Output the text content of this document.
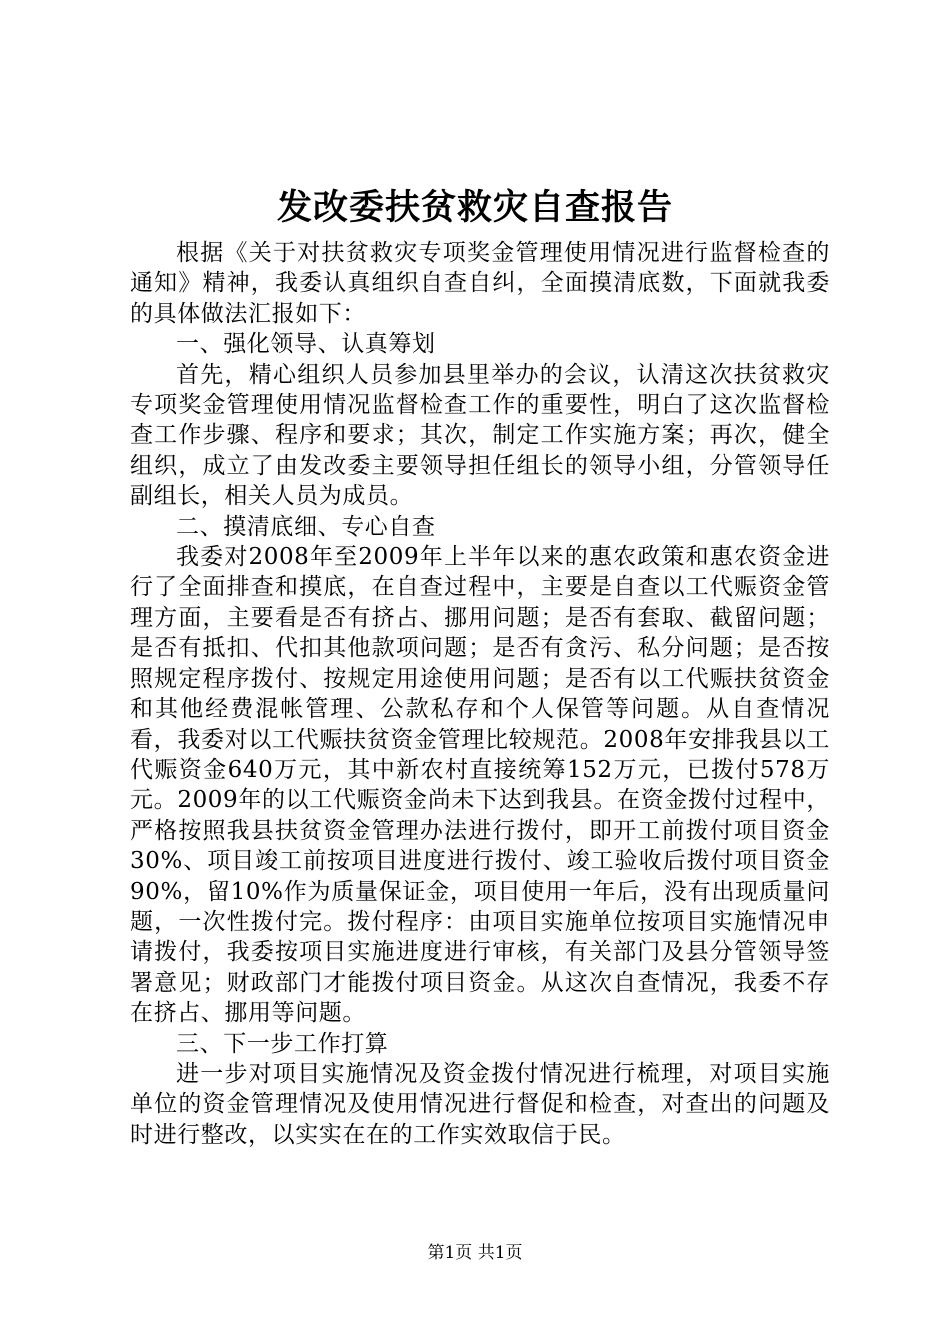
发改委扶贫救灾自查报告

根据《关于对扶贫救灾专项奖金管理使用情况进行监督检查的通知》精神，我委认真组织自查自纠，全面摸清底数，下面就我委的具体做法汇报如下：

一、强化领导、认真筹划

首先，精心组织人员参加县里举办的会议，认清这次扶贫救灾专项奖金管理使用情况监督检查工作的重要性，明白了这次监督检查工作步骤、程序和要求；其次，制定工作实施方案；再次，健全组织，成立了由发改委主要领导担任组长的领导小组，分管领导任副组长，相关人员为成员。

二、摸清底细、专心自查

我委对2008年至2009年上半年以来的惠农政策和惠农资金进行了全面排查和摸底，在自查过程中，主要是自查以工代赈资金管理方面，主要看是否有挤占、挪用问题；是否有套取、截留问题；是否有抵扣、代扣其他款项问题；是否有贪污、私分问题；是否按照规定程序拨付、按规定用途使用问题；是否有以工代赈扶贫资金和其他经费混帐管理、公款私存和个人保管等问题。从自查情况看，我委对以工代赈扶贫资金管理比较规范。2008年安排我县以工代赈资金640万元，其中新农村直接统筹152万元，已拨付578万元。2009年的以工代赈资金尚未下达到我县。在资金拨付过程中，严格按照我县扶贫资金管理办法进行拨付，即开工前拨付项目资金30%、项目竣工前按项目进度进行拨付、竣工验收后拨付项目资金90%，留10%作为质量保证金，项目使用一年后，没有出现质量问题，一次性拨付完。拨付程序：由项目实施单位按项目实施情况申请拨付，我委按项目实施进度进行审核，有关部门及县分管领导签署意见；财政部门才能拨付项目资金。从这次自查情况，我委不存在挤占、挪用等问题。

三、下一步工作打算

进一步对项目实施情况及资金拨付情况进行梳理，对项目实施单位的资金管理情况及使用情况进行督促和检查，对查出的问题及时进行整改，以实实在在的工作实效取信于民。

第1页 共1页
